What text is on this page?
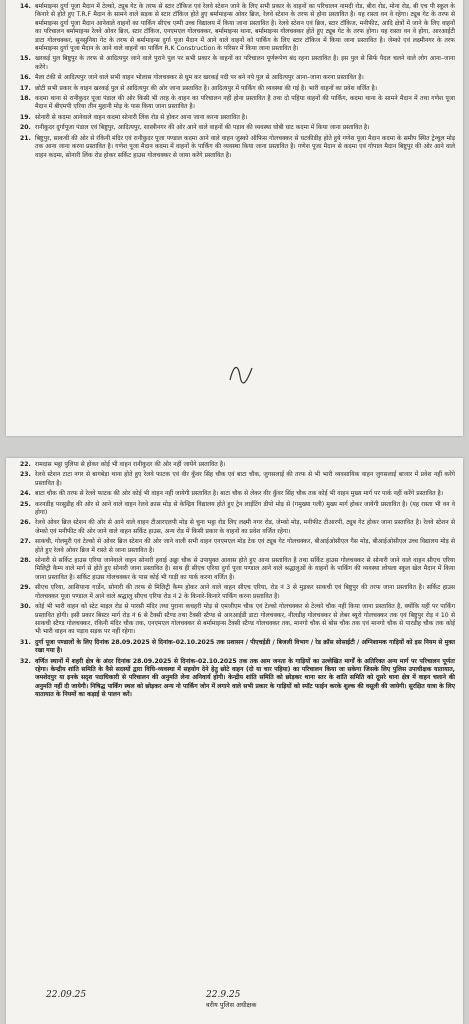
14. बर्मामाइन्स दुर्गा पूजा मैदान में टेल्को, ट्यूब गेट के तरफ से स्टार टॉकिज एवं रेलवे स्टेशन जाने के लिए सभी प्रकार के वाहनों का परिचालन नामदी रोड, बीरा रोड, मोना रोड, बी एच पी स्कूल के किनारे से होते हुए T.R.F मैदान के सामने वाले सड़क से स्टार टॉकिज होते हुए बर्मामाइन्स ओवर ब्रिज, रेलवे स्टेशन के तरफ से होना प्रस्तावित है। यह रास्ता वन वे रहेगा। ट्यूब गेट के तरफ से बर्मामाइन्स दुर्गा पूजा मैदान आनेवाले वाहनों का पार्किंग सीएच एम्पी उच्च विद्यालय में किया जाना प्रस्तावित है। रेलवे स्टेशन एवं ब्रिज, स्टार टॉकिज, मनीफीट, आदि क्षेत्रों में जाने के लिए वाहनों का परिचालन बर्मामाइन्स रेलवे ओवर ब्रिज, स्टार टॉकिज, एनएमएल गोलचक्कर, बर्मामाइन्स थाना, बर्मामाइन्स गोलचक्कर होते हुए ट्यूब गेट के तरफ होगा। यह रास्ता वन वे होगा, आरआईटी डाटा गोलचक्कर, सुनसुनिया गेट के तरफ से बर्मामाइन्स दुर्गा पूजा मैदान में आने वाले वाहनों को पार्किंग के लिए स्टार टॉकिज में किया जाना प्रस्तावित है। जेम्को एवं लक्ष्मीनगर के तरफ बर्मामाइन्स दुर्गा पूजा मैदान के आने वाले वाहनों का पार्किंग R.K Construction के परिसर में किया जाना प्रस्तावित है।
15. खरकई पुल बिष्टुपुर के तरफ से आदित्यपुर जाने वाले पुराने पुल पर सभी प्रकार के वाहनों का परिचालन पूर्णरूपेण बंद रहना प्रस्तावित है। इस पुल से सिर्फ पैदल चलने वाले लोग आना–जाना करेंगे।
16. मैला टंकी से आदित्यपुर जाने वाले सभी वाहन भोलास गोलचक्कर से घुम कर खरकई नदी पर बने नये पुल से आदित्यपुर आना–जाना करना प्रस्तावित है।
17. छोटी सभी प्रकार के वाहन खरकई पुल से आदित्यपुर की ओर जाना प्रस्तावित है। आदित्यपुर में पार्किंग की व्यवस्था की गई है। भारी वाहनों का प्रवेश वर्जित है।
18. कदमा थाना से रानीकुदर पूजा पंडाल की ओर किसी भी तरह के वाहन का परिचालन नहीं होना प्रस्तावित है तथा दो पहिया वाहनों की पार्किंग, कदमा थाना के सामने मैदान में तथा गणेश पूजा मैदान में बीएमपी एरिया तीन मुहानी मोड़ के पास किया जाना प्रस्तावित है।
19. सोनारी से कदमा आनेवाले वाहन कदमा सोनारी लिंक रोड से होकर आना जाना करना प्रस्तावित है।
20. रानीकुदर दुर्गापूजा पंडाल एवं बिष्टुपुर, आदित्यपुर, शास्त्रीनगर की ओर आने वाले वाहनों की पड़ाव की व्यवस्था घोबी घाट कदमा में किया जाना प्रस्तावित है।
21. बिष्टुपुर, साकची की ओर से रंकिनी मंदिर एवं रानीकुदर पूजा पण्डाल कदमा आने वाले वाहन जुस्को ऑफिस गोलचक्कर से घटकीडीह होते हुये गणेश पूजा मैदान कदमा के समीप स्थित ट्रेन्चुल मोड़ तक आना जाना करना प्रस्तावित है। गणेश पूजा मैदान कदमा में वाहनों के पार्किंग की व्यवस्था किया जाना प्रस्तावित है। गणेश पूजा मैदान से कदमा एवं गोपाल मैदान बिष्टुपुर की ओर आने वाले वाहन कदमा, सोनारी लिंक रोड होकर सर्किट हाउस गोलचक्कर से जाया करेंगे प्रस्तावित है।
22. रामदास भट्ठा पुलिया से होकर कोई भी वाहन रानीकुदर की ओर नहीं जायेंगे प्रस्तावित है।
23. रेलवे स्टेशन टाटा नगर से बागबेड़ा थाना होते हुए रेलवे फाटक एवं वीर कुँवर सिंह चौक एवं बाटा चौक, जुगसलाई की तरफ से भी भारी व्यवसायिक वाहन जुगसलाई बाजार में प्रवेश नहीं करेंगे प्रस्तावित है।
24. बाटा चौक की तरफ से रेलवे फाटक की ओर कोई भी वाहन नहीं जायेगी प्रस्तावित है। बाटा चौक से लेकर वीर कुँवर सिंह चौक तक कोई भी वाहन मुख्य मार्ग पर पार्क नहीं करेंगे प्रस्तावित है।
25. करनडीह परसुडीह की ओर से आने वाले वाहन रेलवे क्रास मोड़ से केन्द्रिय विद्यालय होते हुए ट्रेन लाईटिंग डीपो मोड़ से (गमुख्या गली) मुख्य मार्ग होकर जायेगी प्रस्तावित है। (यह रास्ता भी वन वे होगा)
26. रेलवे ओवर ब्रिज स्टेशन की ओर से आने वाले वाहन टीआरएलपी मोड़ से चुना भट्ठा रोड लिए लक्ष्मी नगर रोड, जेम्को मोड़, मनीफीट टीआरपी, ट्यूब गेट होकर जाना प्रस्तावित है। रेलवे स्टेशन से जेम्को एवं मनीफीट की ओर जाने वाले वाहन सर्किट हाउस, अन्य रोड में किसी प्रकार के वाहनों का प्रवेश वर्जित रहेगा।
27. साकची, गोलमुरी एवं टेल्को से ओवर ब्रिज स्टेशन की ओर जाने वाली सभी वाहन एनएमएल मोड़ टेक एवं ट्यूब गेट गोलचक्कर, बीआईओसीएल गैस मोड़, बीआईओसीएल उच्च विद्यालय मोड़ से होते हुए रेलवे ओवर ब्रिज में रास्ते से जाना प्रस्तावित है।
28. सोनारी से सर्किट हाउस एरिया जानेवाले वाहन सोनारी हवाई अड्डा चौक से उपायुक्त आवास होते हुए आना प्रस्तावित है तथा सर्किट हाउस गोलचक्कर से सोनारी जाने वाले वाहन सीएच एरिया मिलिट्री कैम्प वाले मार्ग से होते हुए सोनारी जाना प्रस्तावित है। साथ ही सीएच एरिया दुर्गा पूजा पण्डाल आने वाले श्रद्धालुओं के वाहनों के पार्किंग की व्यवस्था लोयला स्कूल खेल मैदान में किया जाना प्रस्तावित है। सर्किट हाउस गोलचक्कर के पास कोई भी गाड़ी का पार्क करना वर्जित है।
29. सीएच एरिया, आशियाना गार्डेन, सोनारी की तरफ से मिलिट्री कैम्प होकर आने वाले वाहन सीएच एरिया, रोड नं 3 से मुड़कर साकची एवं बिष्टुपुर की तरफ जाना प्रस्तावित है। सर्किट हाउस गोलचक्कर पूजा पण्डाल में आने वाले श्रद्धालु सीएच एरिया रोड नं 2 के किनारे-किनारे पार्किंग करना प्रस्तावित है।
30. कोई भी भारी वाहन को स्टेट माइल रोड से पारसी मंदिर तथा पुराना कचहरी मोड़ से एमजीएम चौक एवं टेल्को गोलचक्कर से टेल्को चौक नहीं किया जाना प्रस्तावित है, क्योंकि यहीं पर पार्किंग प्रस्तावित होगी। इसी प्रकार बिस्टर मार्ग रोड़ नं 6 से टैक्सी स्टैण्ड तथा टैक्सी स्टैण्ड से आरआईडी डाटा गोलचक्कर, नीलडीह गोलचक्कर से लेबर ब्यूरो गोलचक्कर तक एवं बिष्टुपुर रोड़ नं 10 से साकची स्टैण्ड गोलचक्कर, रंकिनी मंदिर चौक तक, एनएमएल गोलचक्कर से बर्मामाइन्स टैक्सी स्टैण्ड गोलचक्कर तक, मानगो चौक से बोस चौक तक एवं मानगो चौक से पारडीह चौक तक कोई भी भारी वाहन का पड़ाव सड़क पर नहीं रहेगा।
31. दुर्गा पूजा पण्डालों के लिए दिनांक 28.09.2025 से दिनांक–02.10.2025 तक प्रशासन / पीएचईडी / बिजली विभाग / रेड क्रॉस सोसाईटी / अग्निशामक गाड़ियों को इस नियम से मुक्त रखा गया है।
32. वर्णित स्थानों में शहरी क्षेत्र के अंदर दिनांक 28.09.2025 से दिनांक–02.10.2025 तक तक आम जनता के गाड़ियों का उल्लेखित मार्गों के अतिरिक्त अन्य मार्ग पर परिचालन पूर्णतः रहेगा। केन्द्रीय शांति समिति के वैसे सदस्यों द्वारा विधि–व्यवस्था में सहयोग देने हेतु छोटे वाहन (दो या चार पहिया) का परिचालन किया जा सकेगा जिसके लिए पुलिस उपाधीक्षक यातायात, जमशेदपुर या इनके सदृश पदाधिकारी से परिचालन की अनुमति लेना अनिवार्य होगी। केन्द्रीय शांति समिति को छोड़कर थाना स्तर के शांति समिति को दूसरे थाना क्षेत्र में वाहन चलाने की अनुमति नहीं दी जायेगी। निषिद्ध पार्किंग स्थल को छोड़कर अन्य नो पार्किंग जोन में लगाने वाले सभी प्रकार के गाड़ियों को स्पॉट फाईन करके शुल्क की वसूली की जायेगी। सुरक्षित यात्रा के लिए यातायात के नियमों का कड़ाई से पालन करें।
22.09.25	22.9.25
वरीय पुलिस अधीक्षक
